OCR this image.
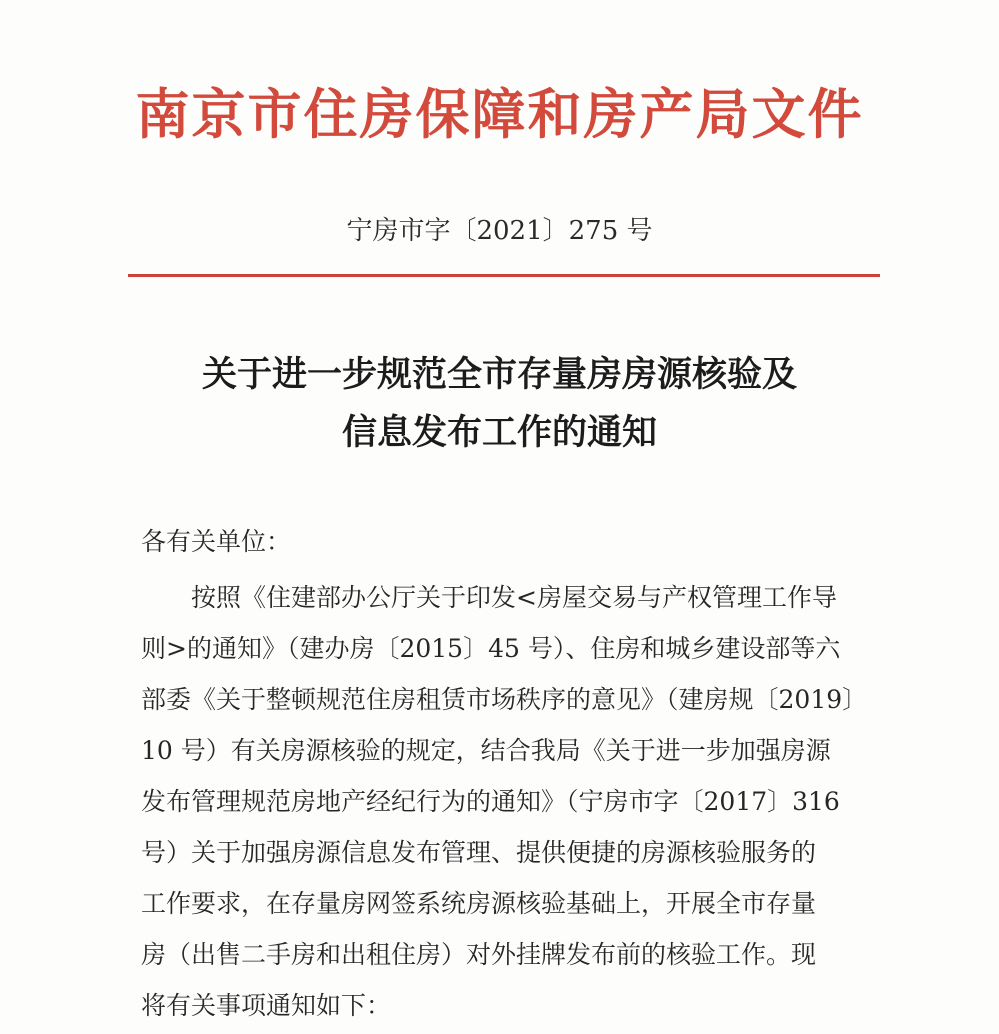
南京市住房保障和房产局文件
宁房市字〔2021〕275 号
关于进一步规范全市存量房房源核验及
信息发布工作的通知
各有关单位：
按照《住建部办公厅关于印发<房屋交易与产权管理工作导
则>的通知》（建办房〔2015〕45 号）、住房和城乡建设部等六
部委《关于整顿规范住房租赁市场秩序的意见》（建房规〔2019〕
10 号）有关房源核验的规定，结合我局《关于进一步加强房源
发布管理规范房地产经纪行为的通知》（宁房市字〔2017〕316
号）关于加强房源信息发布管理、提供便捷的房源核验服务的
工作要求，在存量房网签系统房源核验基础上，开展全市存量
房（出售二手房和出租住房）对外挂牌发布前的核验工作。现
将有关事项通知如下：
